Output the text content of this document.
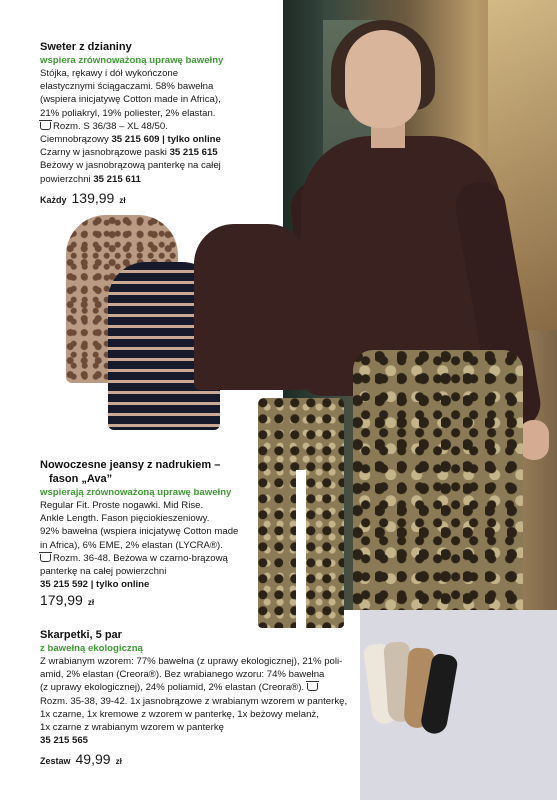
Sweter z dzianiny
wspiera zrównoważoną uprawę bawełny
Stójka, rękawy i dół wykończone
elastycznymi ściągaczami. 58% bawełna
(wspiera inicjatywę Cotton made in Africa),
21% poliakryl, 19% poliester, 2% elastan.
Rozm. S 36/38 – XL 48/50.
Ciemnobrązowy 35 215 609 | tylko online
Czarny w jasnobrązowe paski 35 215 615
Beżowy w jasnobrązową panterkę na całej
powierzchni 35 215 611
Każdy 139,99 zł
Nowoczesne jeansy z nadrukiem –
fason „Ava”
wspierają zrównoważoną uprawę bawełny
Regular Fit. Proste nogawki. Mid Rise.
Ankle Length. Fason pięciokieszeniowy.
92% bawełna (wspiera inicjatywę Cotton made
in Africa), 6% EME, 2% elastan (LYCRA®).
Rozm. 36-48. Beżowa w czarno-brązową
panterkę na całej powierzchni
35 215 592 | tylko online
179,99 zł
Skarpetki, 5 par
z bawełną ekologiczną
Z wrabianym wzorem: 77% bawełna (z uprawy ekologicznej), 21% poli-
amid, 2% elastan (Creora®). Bez wrabianego wzoru: 74% bawełna
(z uprawy ekologicznej), 24% poliamid, 2% elastan (Creora®).
Rozm. 35-38, 39-42. 1x jasnobrązowe z wrabianym wzorem w panterkę,
1x czarne, 1x kremowe z wzorem w panterkę, 1x beżowy melanż,
1x czarne z wrabianym wzorem w panterkę
35 215 565
Zestaw 49,99 zł
